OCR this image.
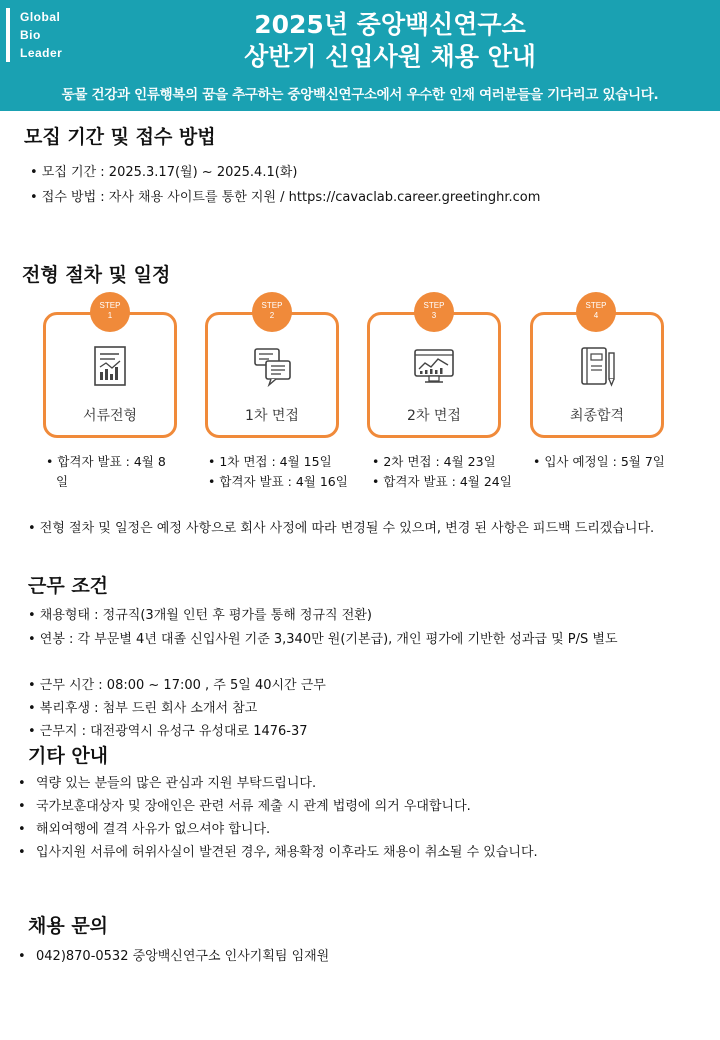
Global
Bio
Leader
2025년 중앙백신연구소
상반기 신입사원 채용 안내
동물 건강과 인류행복의 꿈을 추구하는 중앙백신연구소에서 우수한 인재 여러분들을 기다리고 있습니다.
모집 기간 및 접수 방법
• 모집 기간 : 2025.3.17(월) ~ 2025.4.1(화)
• 접수 방법 : 자사 채용 사이트를 통한 지원 / https://cavaclab.career.greetinghr.com
전형 절차 및 일정
서류전형
STEP
1
1차 면접
STEP
2
2차 면접
STEP
3
최종합격
STEP
4
• 합격자 발표 : 4월 8일
• 1차 면접 : 4월 15일
• 합격자 발표 : 4월 16일
• 2차 면접 : 4월 23일
• 합격자 발표 : 4월 24일
• 입사 예정일 : 5월 7일
• 전형 절차 및 일정은 예정 사항으로 회사 사정에 따라 변경될 수 있으며, 변경 된 사항은 피드백 드리겠습니다.
근무 조건
• 채용형태 : 정규직(3개월 인턴 후 평가를 통해 정규직 전환)
• 연봉 : 각 부문별 4년 대졸 신입사원 기준 3,340만 원(기본급), 개인 평가에 기반한 성과급 및 P/S 별도
• 근무 시간 : 08:00 ~ 17:00 , 주 5일 40시간 근무
• 복리후생 : 첨부 드린 회사 소개서 참고
• 근무지 : 대전광역시 유성구 유성대로 1476-37
기타 안내
• 역량 있는 분들의 많은 관심과 지원 부탁드립니다.
• 국가보훈대상자 및 장애인은 관련 서류 제출 시 관계 법령에 의거 우대합니다.
• 해외여행에 결격 사유가 없으셔야 합니다.
• 입사지원 서류에 허위사실이 발견된 경우, 채용확정 이후라도 채용이 취소될 수 있습니다.
채용 문의
• 042)870-0532 중앙백신연구소 인사기획팀 임재원
